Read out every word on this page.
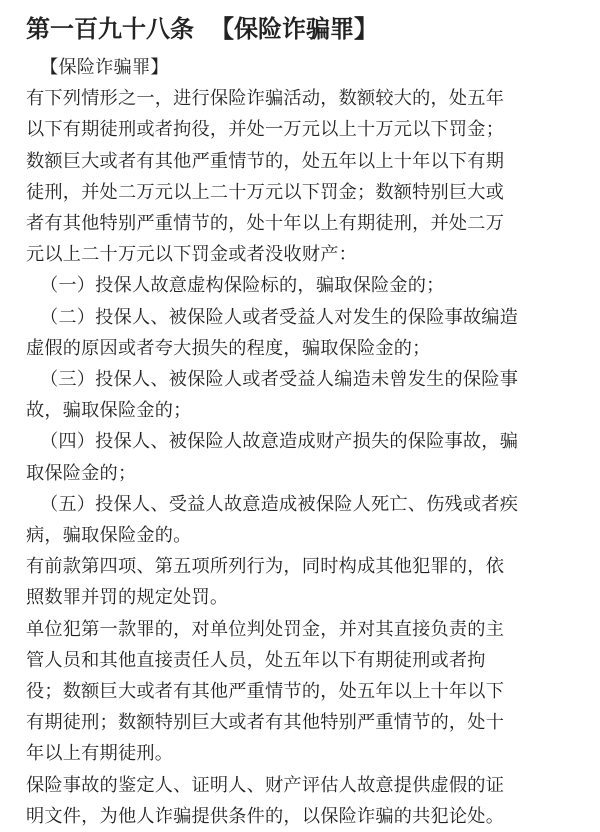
第一百九十八条 【保险诈骗罪】
【保险诈骗罪】
有下列情形之一，进行保险诈骗活动，数额较大的，处五年
以下有期徒刑或者拘役，并处一万元以上十万元以下罚金；
数额巨大或者有其他严重情节的，处五年以上十年以下有期
徒刑，并处二万元以上二十万元以下罚金；数额特别巨大或
者有其他特别严重情节的，处十年以上有期徒刑，并处二万
元以上二十万元以下罚金或者没收财产：
（一）投保人故意虚构保险标的，骗取保险金的；
（二）投保人、被保险人或者受益人对发生的保险事故编造
虚假的原因或者夸大损失的程度，骗取保险金的；
（三）投保人、被保险人或者受益人编造未曾发生的保险事
故，骗取保险金的；
（四）投保人、被保险人故意造成财产损失的保险事故，骗
取保险金的；
（五）投保人、受益人故意造成被保险人死亡、伤残或者疾
病，骗取保险金的。
有前款第四项、第五项所列行为，同时构成其他犯罪的，依
照数罪并罚的规定处罚。
单位犯第一款罪的，对单位判处罚金，并对其直接负责的主
管人员和其他直接责任人员，处五年以下有期徒刑或者拘
役；数额巨大或者有其他严重情节的，处五年以上十年以下
有期徒刑；数额特别巨大或者有其他特别严重情节的，处十
年以上有期徒刑。
保险事故的鉴定人、证明人、财产评估人故意提供虚假的证
明文件，为他人诈骗提供条件的，以保险诈骗的共犯论处。
